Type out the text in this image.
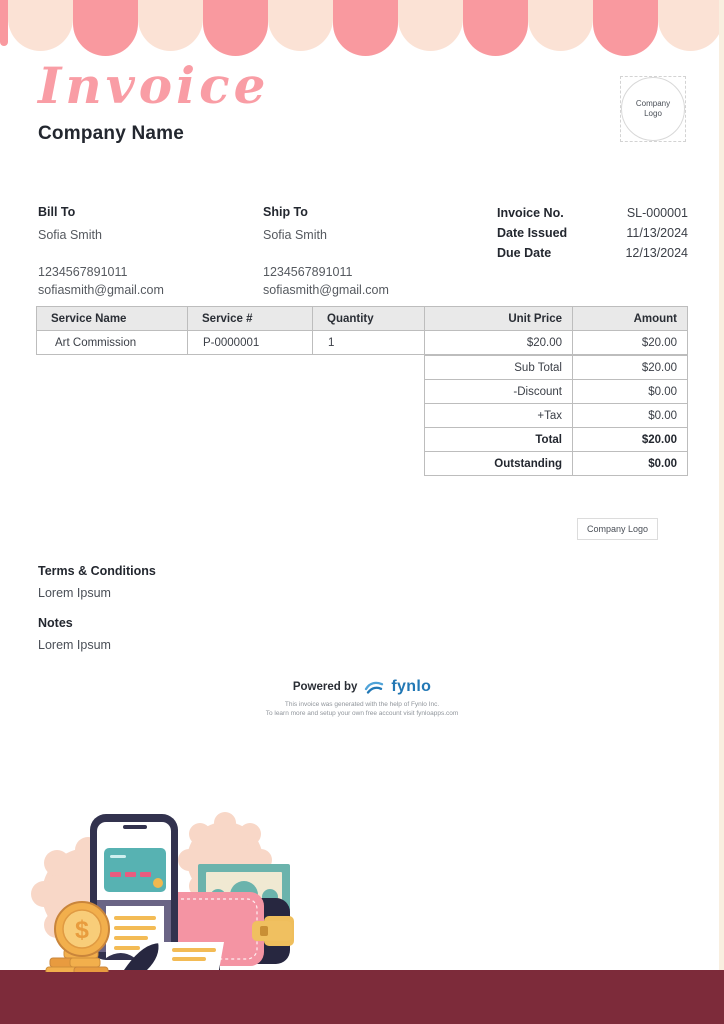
Invoice
Company Name
Company Logo
Bill To
Sofia Smith
1234567891011
sofiasmith@gmail.com
Ship To
Sofia Smith
1234567891011
sofiasmith@gmail.com
Invoice No.	SL-000001
Date Issued	11/13/2024
Due Date	12/13/2024
Service Name	Service #	Quantity	Unit Price	Amount
Art Commission	P-0000001	1	$20.00	$20.00
Sub Total	$20.00
-Discount	$0.00
+Tax	$0.00
Total	$20.00
Outstanding	$0.00
Company Logo
Terms & Conditions
Lorem Ipsum
Notes
Lorem Ipsum
Powered by fynlo
This invoice was generated with the help of Fynlo Inc.
To learn more and setup your own free account visit fynloapps.com
$
